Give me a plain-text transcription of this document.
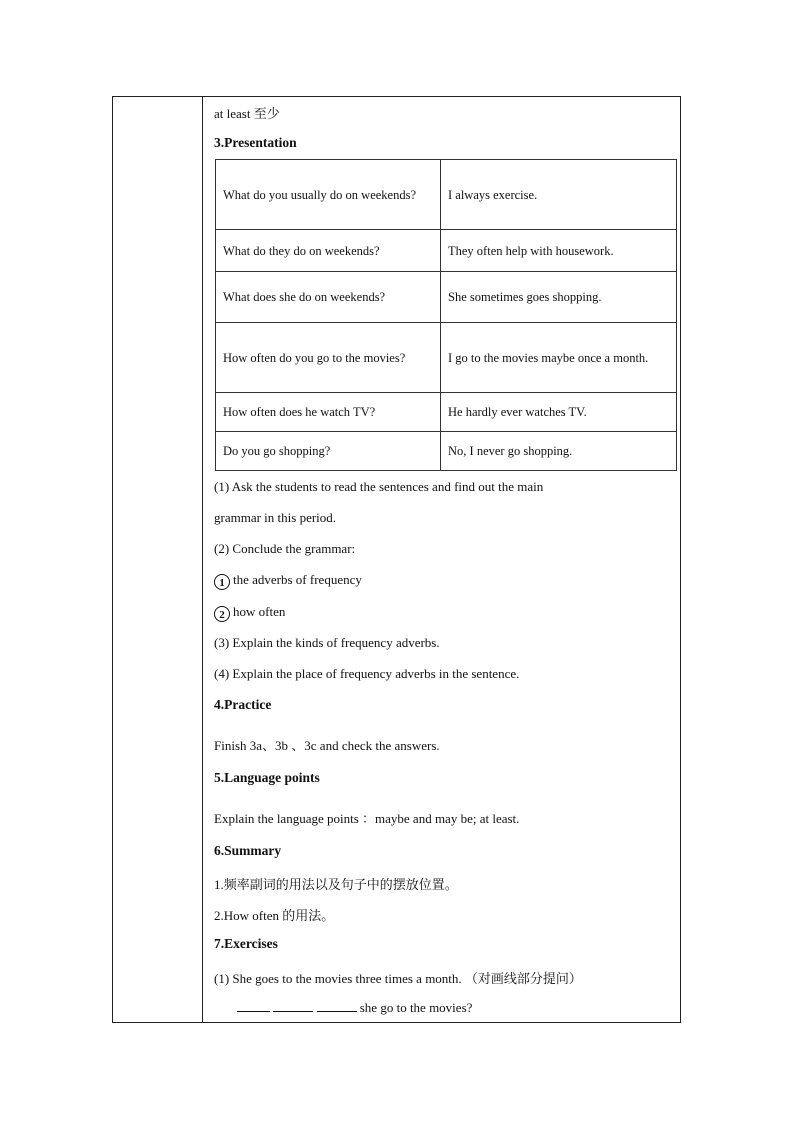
at least 至少
3.Presentation
What do you usually do on weekends?	I always exercise.
What do they do on weekends?	They often help with housework.
What does she do on weekends?	She sometimes goes shopping.
How often do you go to the movies?	I go to the movies maybe once a month.
How often does he watch TV?	He hardly ever watches TV.
Do you go shopping?	No, I never go shopping.
(1) Ask the students to read the sentences and find out the main
grammar in this period.
(2) Conclude the grammar:
1 the adverbs of frequency
2 how often
(3) Explain the kinds of frequency adverbs.
(4) Explain the place of frequency adverbs in the sentence.
4.Practice
Finish 3a、3b 、3c and check the answers.
5.Language points
Explain the language points ：maybe and may be; at least.
6.Summary
1.频率副词的用法以及句子中的摆放位置。
2.How often 的用法。
7.Exercises
(1) She goes to the movies three times a month. （对画线部分提问）
she go to the movies?
